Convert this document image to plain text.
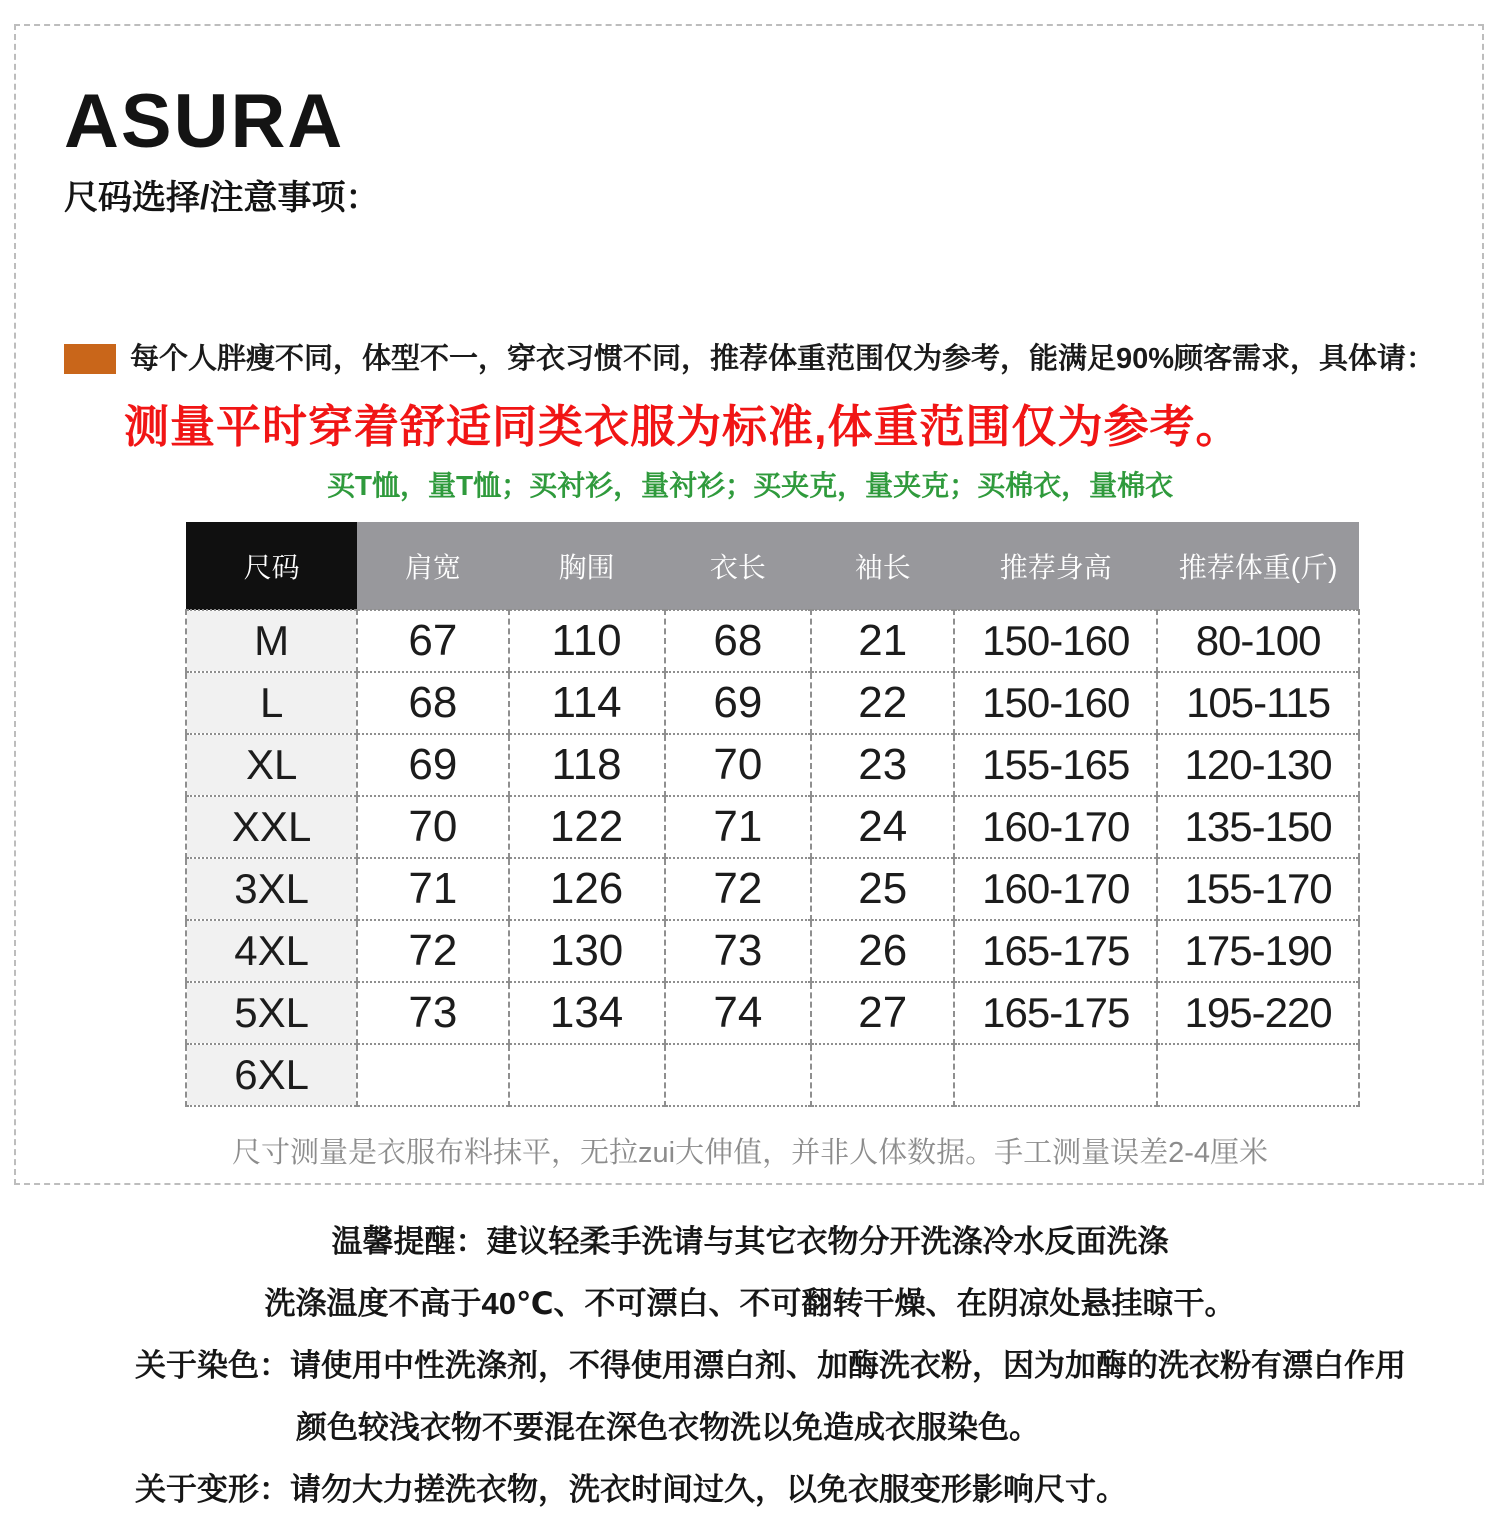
ASURA
尺码选择/注意事项：
每个人胖瘦不同，体型不一，穿衣习惯不同，推荐体重范围仅为参考，能满足90%顾客需求，具体请：
测量平时穿着舒适同类衣服为标准,体重范围仅为参考。
买T恤，量T恤；买衬衫，量衬衫；买夹克，量夹克；买棉衣，量棉衣
尺码	肩宽	胸围	衣长	袖长	推荐身高	推荐体重(斤)
M	67	110	68	21	150-160	80-100
L	68	114	69	22	150-160	105-115
XL	69	118	70	23	155-165	120-130
XXL	70	122	71	24	160-170	135-150
3XL	71	126	72	25	160-170	155-170
4XL	72	130	73	26	165-175	175-190
5XL	73	134	74	27	165-175	195-220
6XL						
尺寸测量是衣服布料抹平，无拉zui大伸值，并非人体数据。手工测量误差2-4厘米
温馨提醒：建议轻柔手洗请与其它衣物分开洗涤冷水反面洗涤
洗涤温度不高于40℃、不可漂白、不可翻转干燥、在阴凉处悬挂晾干。
关于染色：请使用中性洗涤剂，不得使用漂白剂、加酶洗衣粉，因为加酶的洗衣粉有漂白作用
颜色较浅衣物不要混在深色衣物洗以免造成衣服染色。
关于变形：请勿大力搓洗衣物，洗衣时间过久，以免衣服变形影响尺寸。
